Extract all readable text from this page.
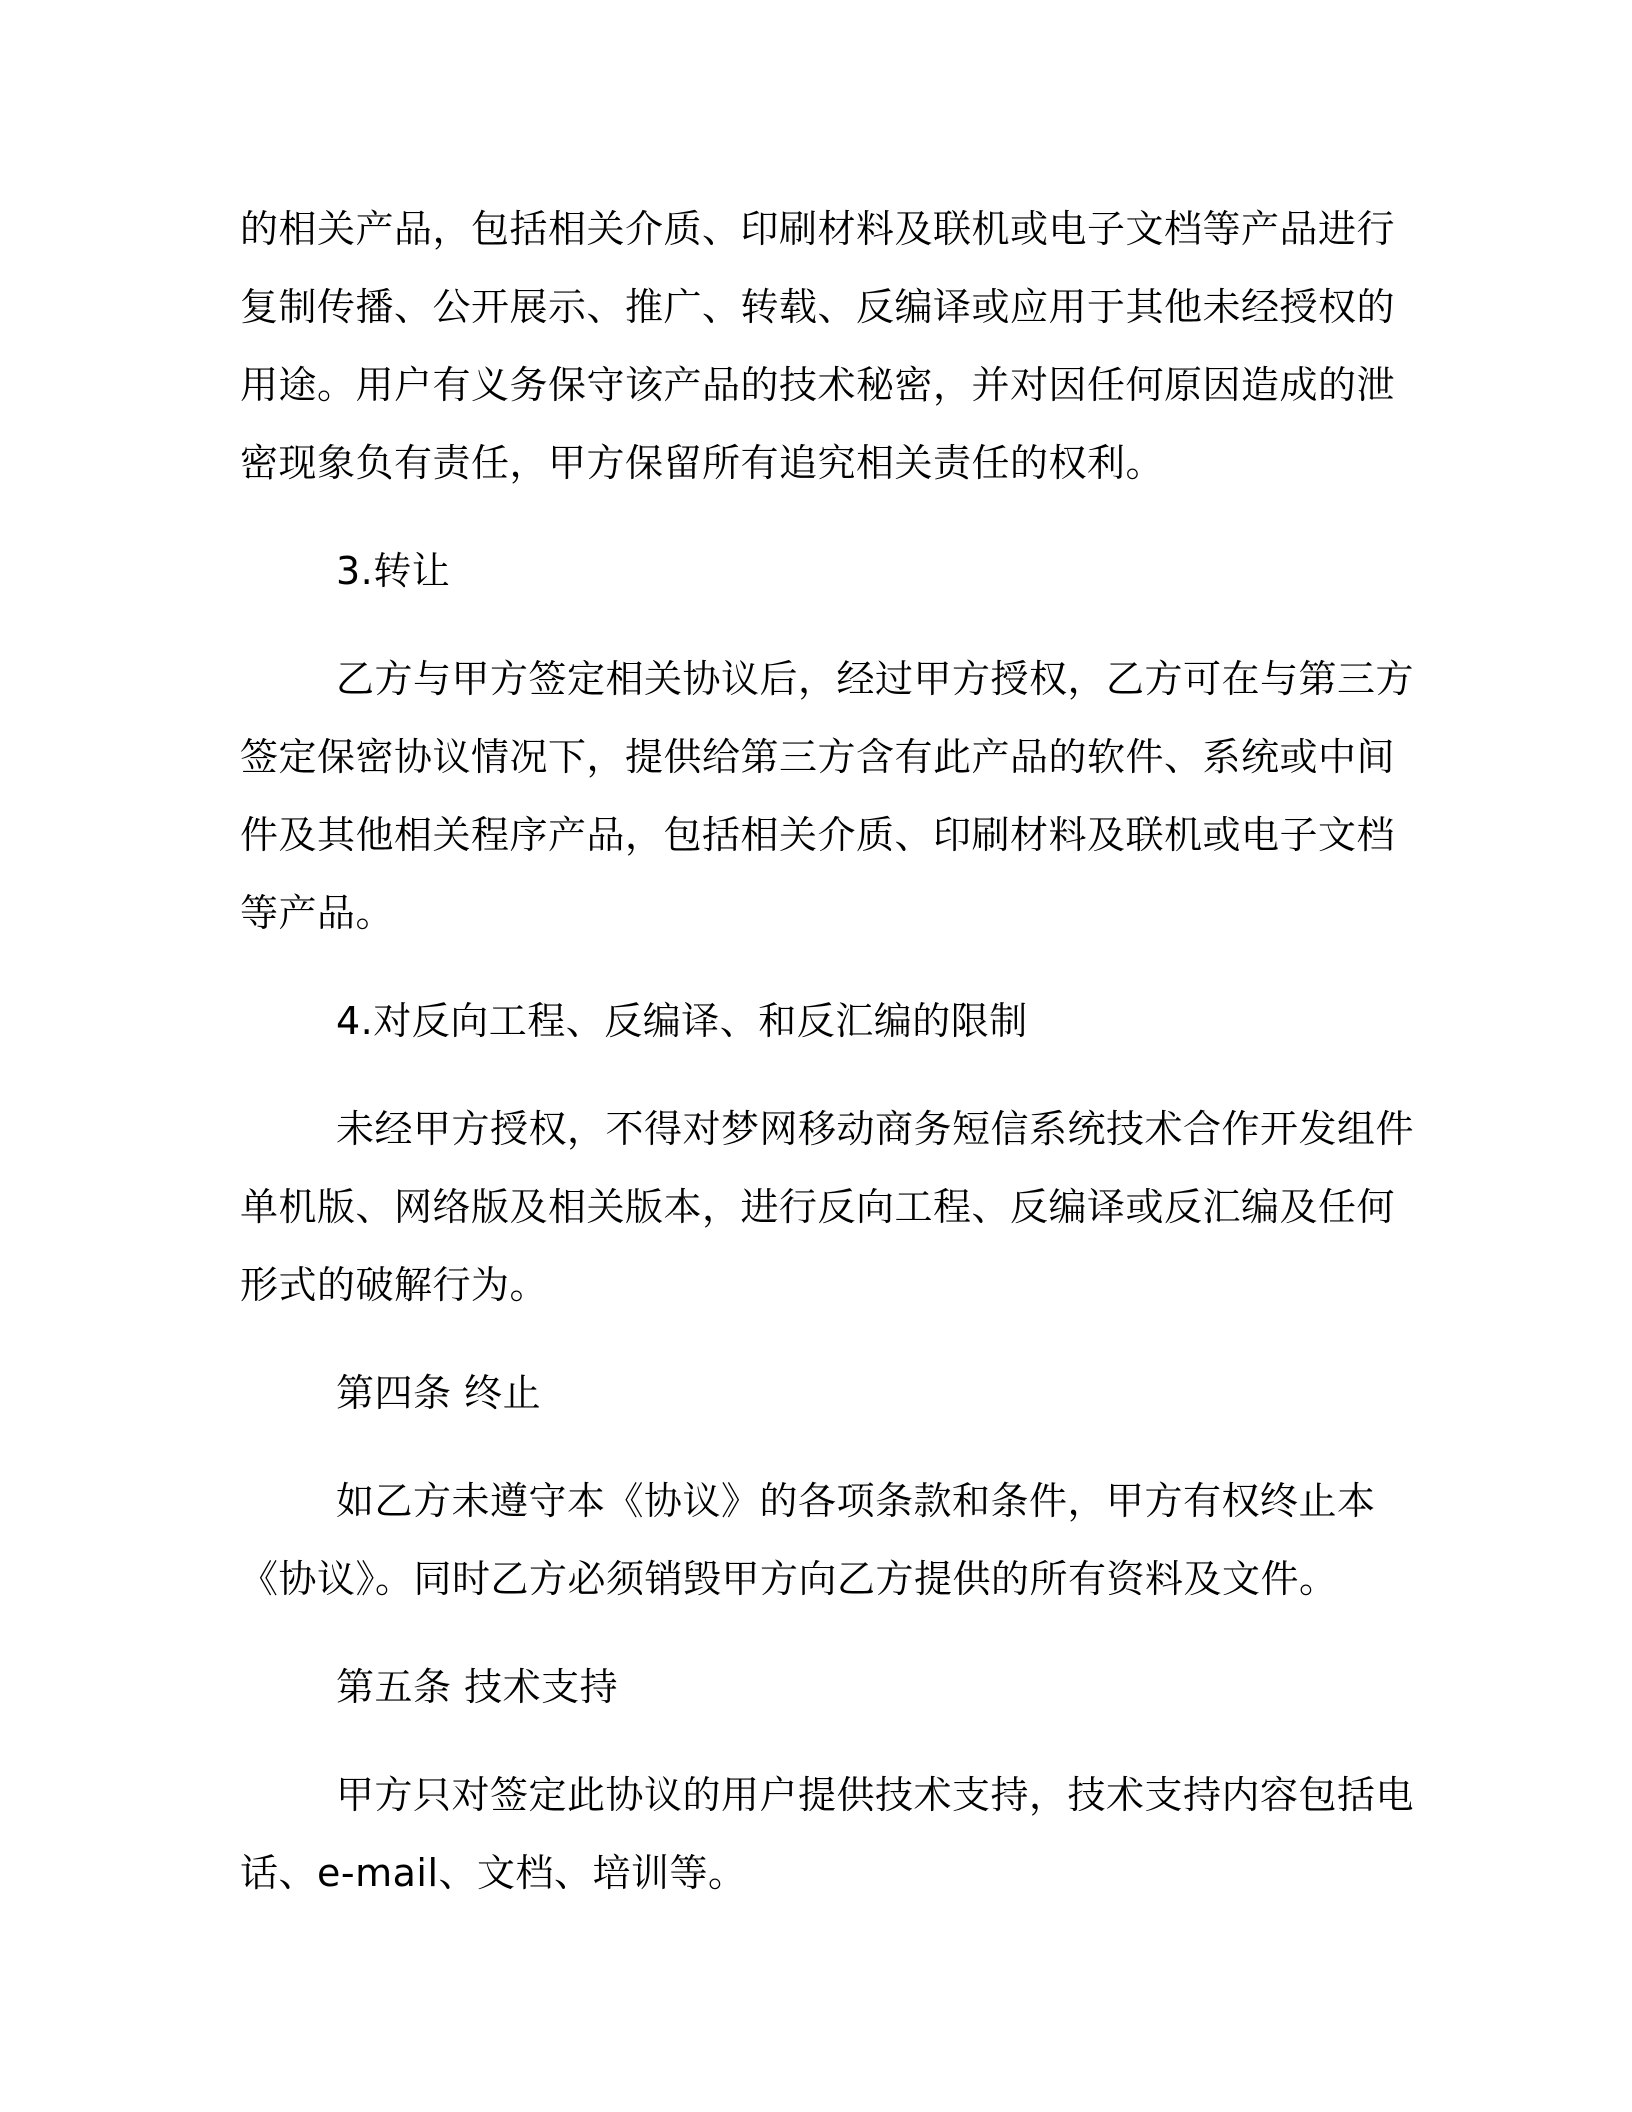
的相关产品，包括相关介质、印刷材料及联机或电子文档等产品进行
复制传播、公开展示、推广、转载、反编译或应用于其他未经授权的
用途。用户有义务保守该产品的技术秘密，并对因任何原因造成的泄
密现象负有责任，甲方保留所有追究相关责任的权利。
3.转让
乙方与甲方签定相关协议后，经过甲方授权，乙方可在与第三方
签定保密协议情况下，提供给第三方含有此产品的软件、系统或中间
件及其他相关程序产品，包括相关介质、印刷材料及联机或电子文档
等产品。
4.对反向工程、反编译、和反汇编的限制
未经甲方授权，不得对梦网移动商务短信系统技术合作开发组件
单机版、网络版及相关版本，进行反向工程、反编译或反汇编及任何
形式的破解行为。
第四条 终止
如乙方未遵守本《协议》的各项条款和条件，甲方有权终止本
《协议》。同时乙方必须销毁甲方向乙方提供的所有资料及文件。
第五条 技术支持
甲方只对签定此协议的用户提供技术支持，技术支持内容包括电
话、e-mail、文档、培训等。
